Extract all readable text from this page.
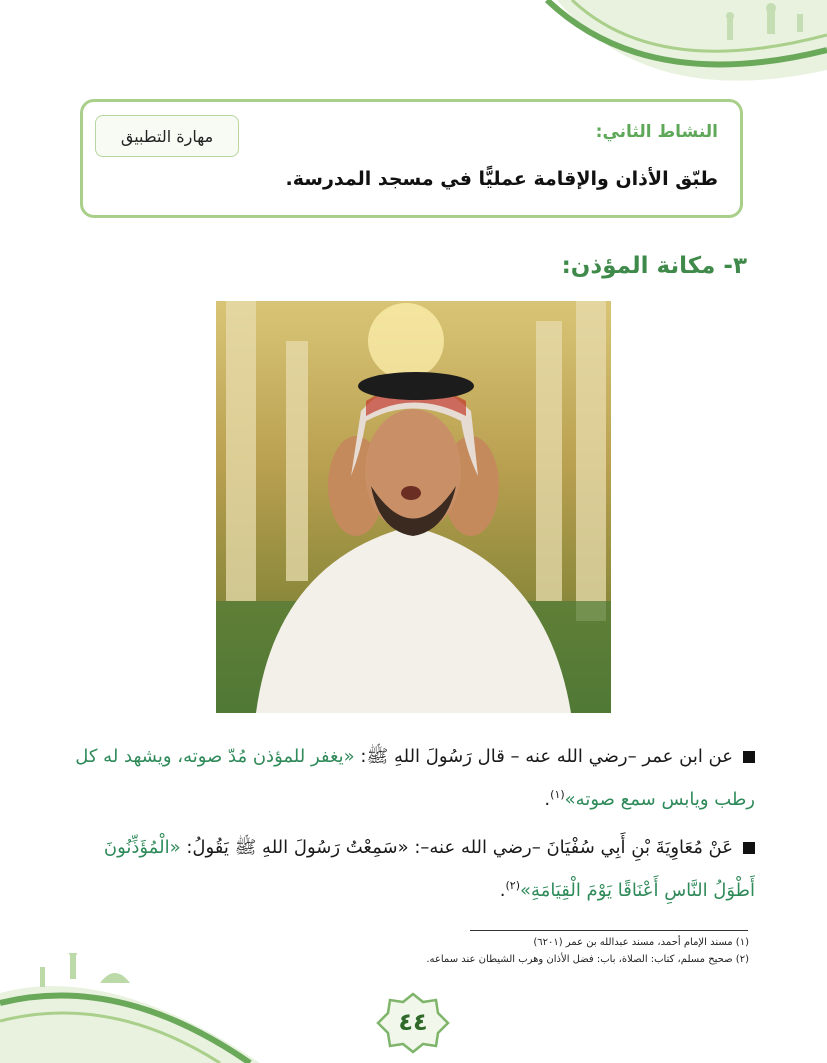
النشاط الثاني:
مهارة التطبيق
طبّق الأذان والإقامة عمليًّا في مسجد المدرسة.
٣- مكانة المؤذن:
عن ابن عمر –رضي الله عنه – قال رَسُولَ اللهِ ﷺ: «يغفر للمؤذن مُدّ صوته، ويشهد له كل رطب ويابس سمع صوته»$^{(١)}$.
عَنْ مُعَاوِيَةَ بْنِ أَبِي سُفْيَانَ –رضي الله عنه–: «سَمِعْتُ رَسُولَ اللهِ ﷺ يَقُولُ: «الْمُؤَذِّنُونَ أَطْوَلُ النَّاسِ أَعْنَاقًا يَوْمَ الْقِيَامَةِ»$^{(٢)}$.
(١) مسند الإمام أحمد، مسند عبدالله بن عمر (٦٢٠١)
(٢) صحيح مسلم، كتاب: الصلاة، باب: فضل الأذان وهرب الشيطان عند سماعه.
٤٤
